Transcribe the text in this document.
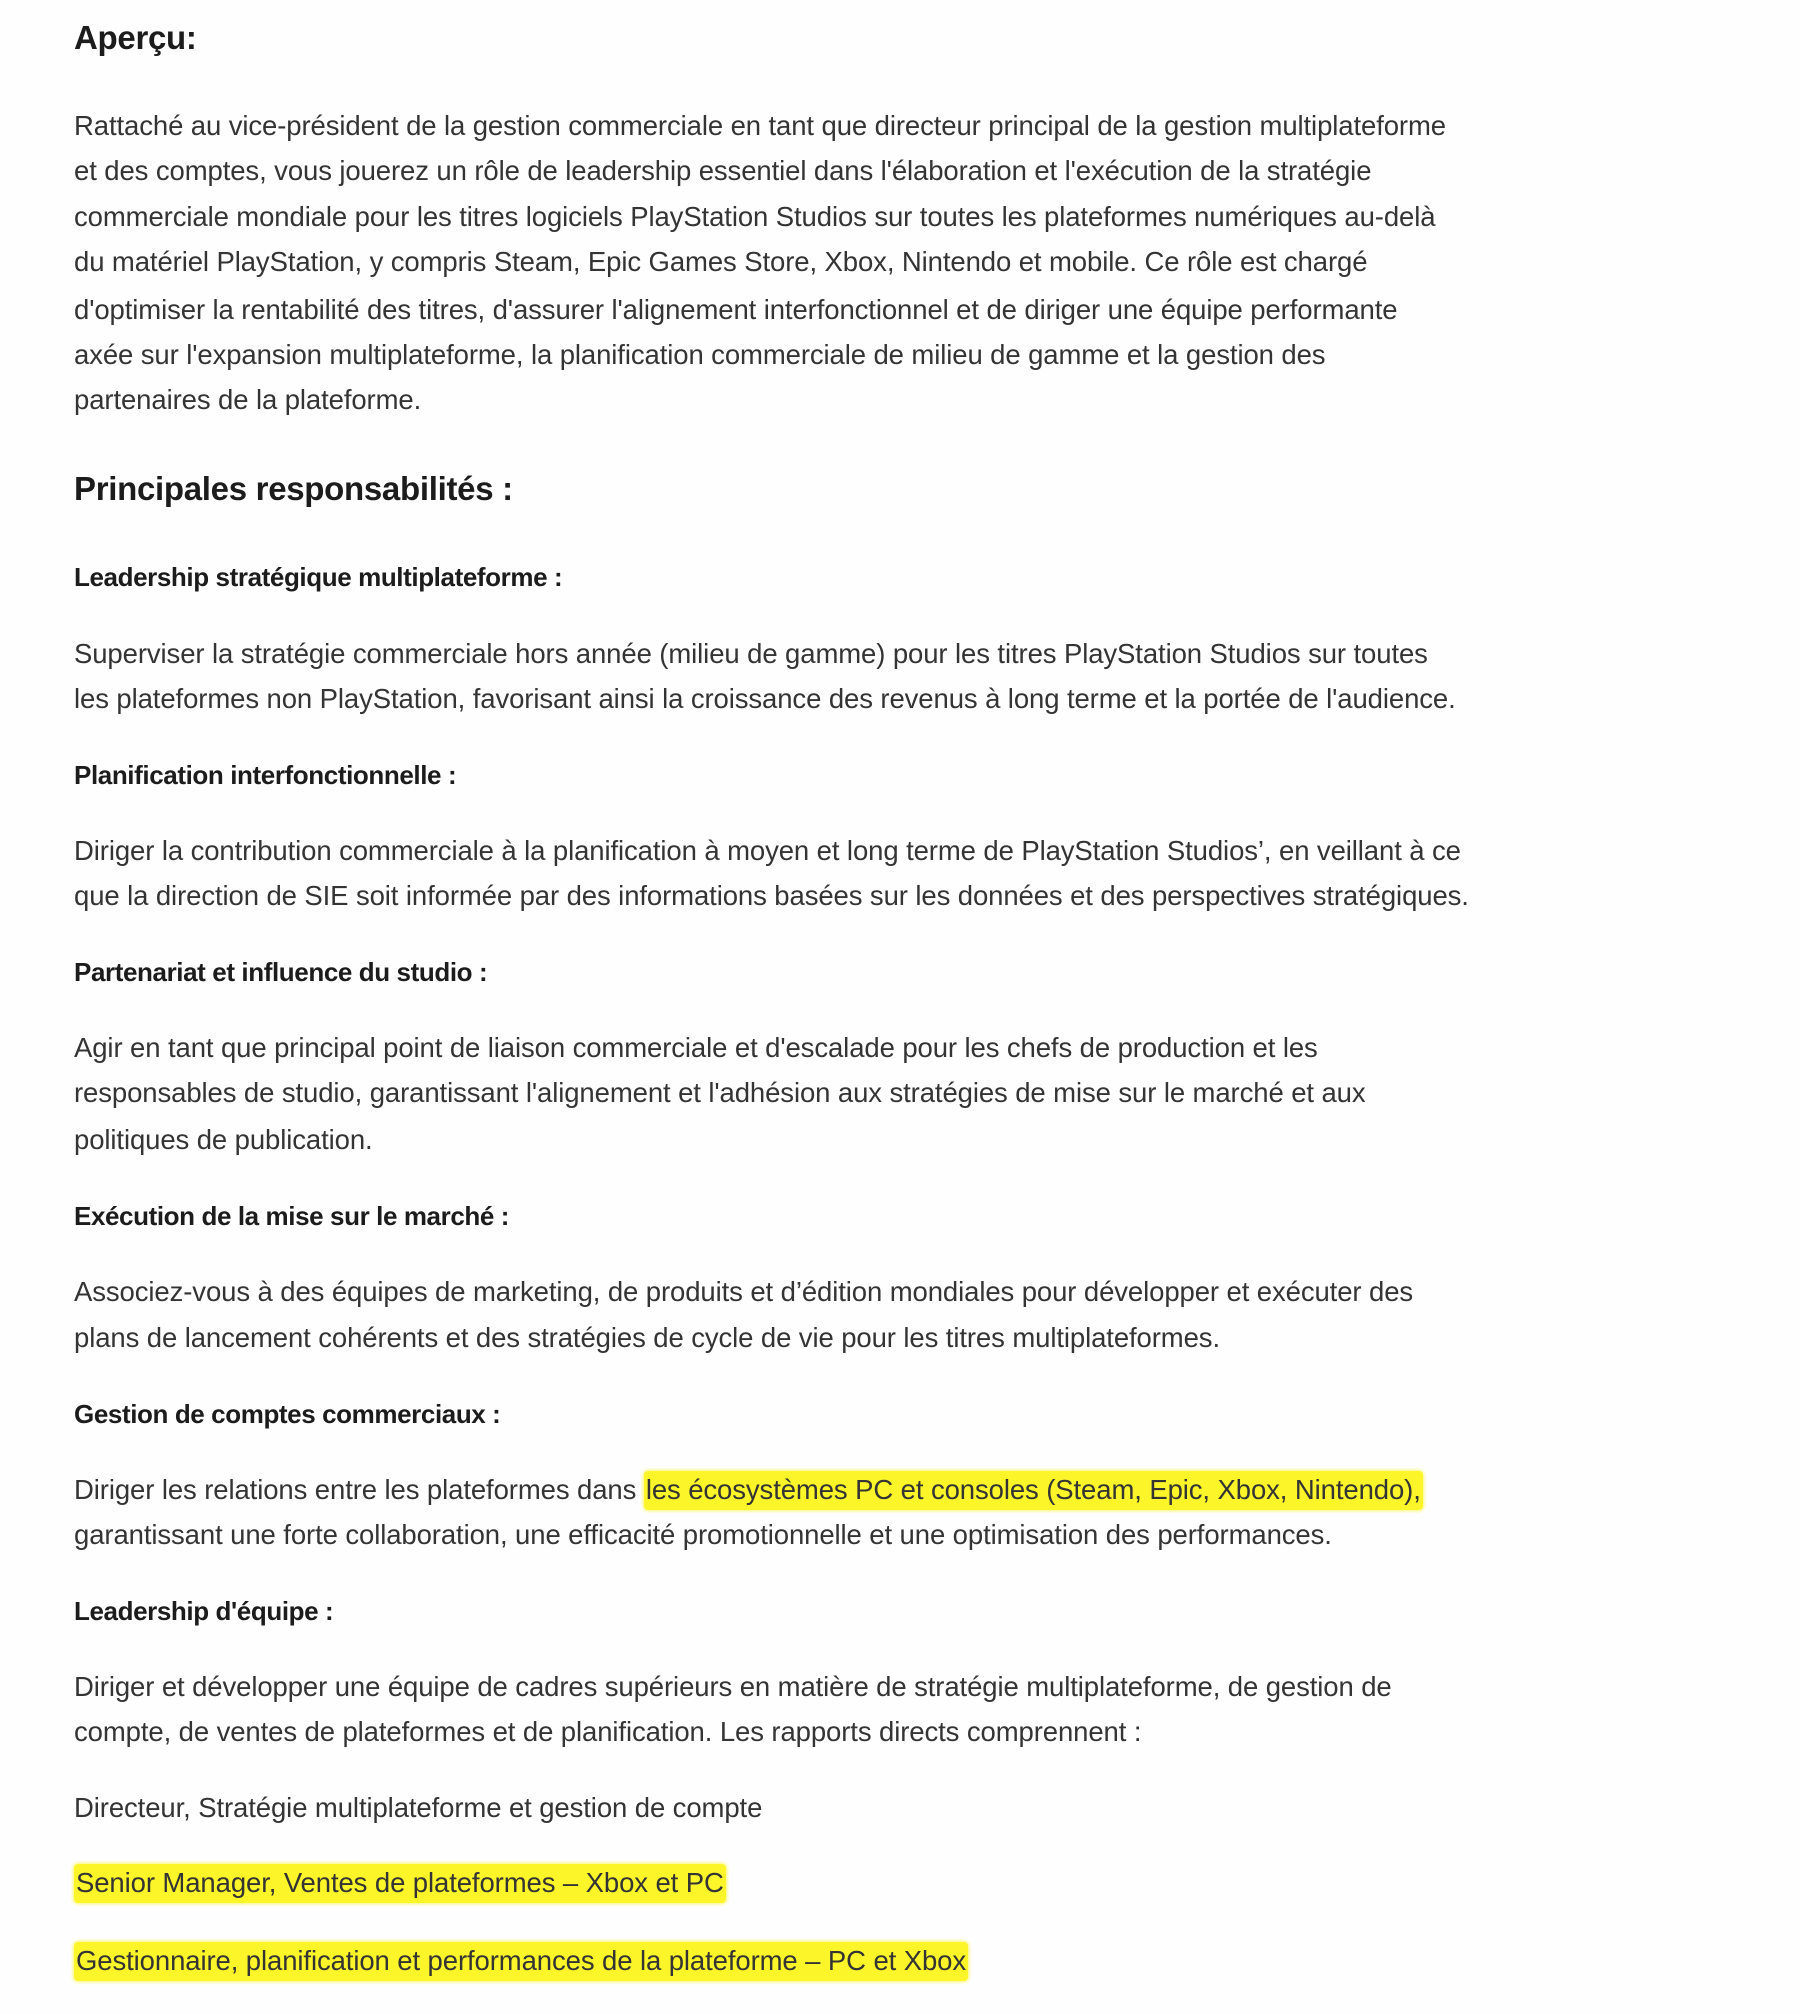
Aperçu:
Rattaché au vice-président de la gestion commerciale en tant que directeur principal de la gestion multiplateforme
et des comptes, vous jouerez un rôle de leadership essentiel dans l'élaboration et l'exécution de la stratégie
commerciale mondiale pour les titres logiciels PlayStation Studios sur toutes les plateformes numériques au-delà
du matériel PlayStation, y compris Steam, Epic Games Store, Xbox, Nintendo et mobile. Ce rôle est chargé
d'optimiser la rentabilité des titres, d'assurer l'alignement interfonctionnel et de diriger une équipe performante
axée sur l'expansion multiplateforme, la planification commerciale de milieu de gamme et la gestion des
partenaires de la plateforme.
Principales responsabilités :
Leadership stratégique multiplateforme :
Superviser la stratégie commerciale hors année (milieu de gamme) pour les titres PlayStation Studios sur toutes
les plateformes non PlayStation, favorisant ainsi la croissance des revenus à long terme et la portée de l'audience.
Planification interfonctionnelle :
Diriger la contribution commerciale à la planification à moyen et long terme de PlayStation Studios’, en veillant à ce
que la direction de SIE soit informée par des informations basées sur les données et des perspectives stratégiques.
Partenariat et influence du studio :
Agir en tant que principal point de liaison commerciale et d'escalade pour les chefs de production et les
responsables de studio, garantissant l'alignement et l'adhésion aux stratégies de mise sur le marché et aux
politiques de publication.
Exécution de la mise sur le marché :
Associez-vous à des équipes de marketing, de produits et d’édition mondiales pour développer et exécuter des
plans de lancement cohérents et des stratégies de cycle de vie pour les titres multiplateformes.
Gestion de comptes commerciaux :
Diriger les relations entre les plateformes dans les écosystèmes PC et consoles (Steam, Epic, Xbox, Nintendo),
garantissant une forte collaboration, une efficacité promotionnelle et une optimisation des performances.
Leadership d'équipe :
Diriger et développer une équipe de cadres supérieurs en matière de stratégie multiplateforme, de gestion de
compte, de ventes de plateformes et de planification. Les rapports directs comprennent :
Directeur, Stratégie multiplateforme et gestion de compte
Senior Manager, Ventes de plateformes – Xbox et PC
Gestionnaire, planification et performances de la plateforme – PC et Xbox
